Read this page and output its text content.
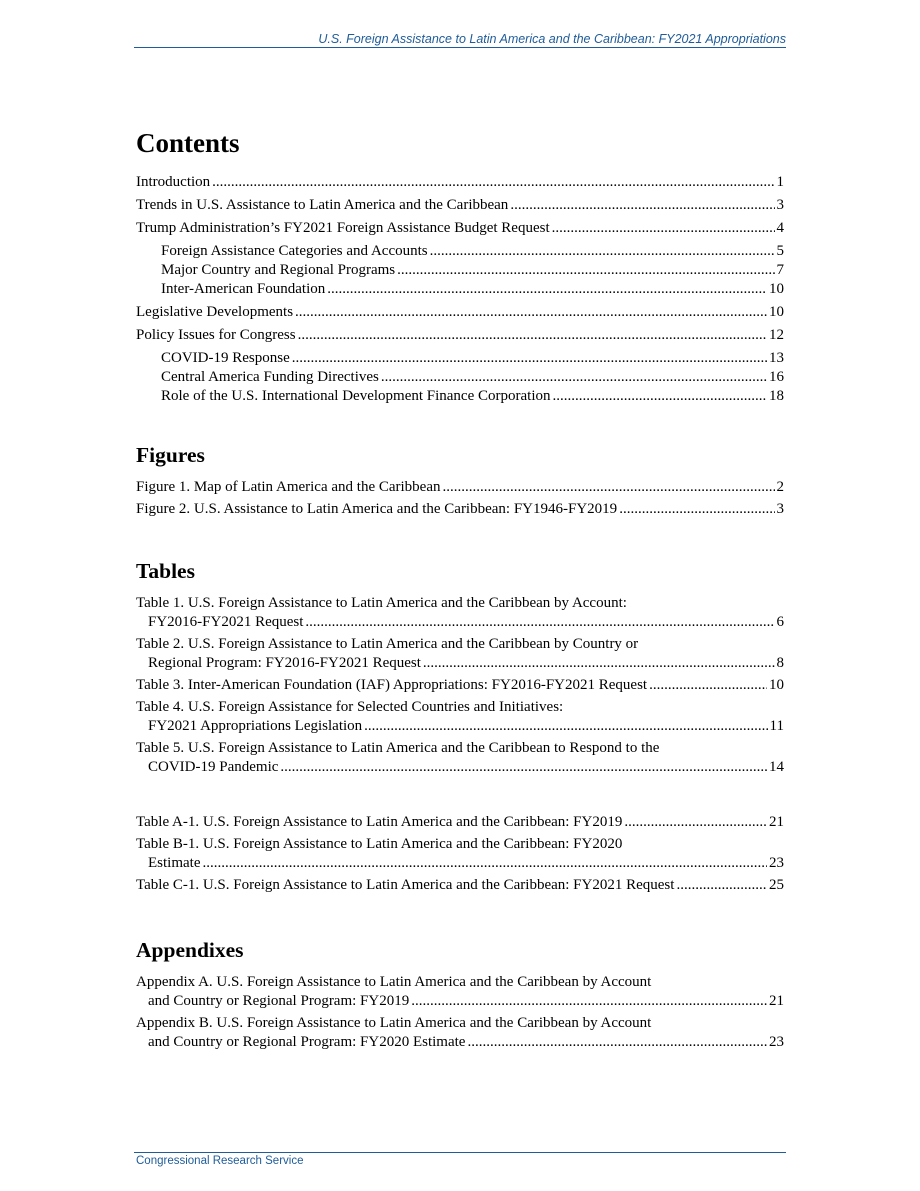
U.S. Foreign Assistance to Latin America and the Caribbean: FY2021 Appropriations
Contents
Introduction .....	1
Trends in U.S. Assistance to Latin America and the Caribbean .....	3
Trump Administration’s FY2021 Foreign Assistance Budget Request .....	4
Foreign Assistance Categories and Accounts .....	5
Major Country and Regional Programs .....	7
Inter-American Foundation .....	10
Legislative Developments .....	10
Policy Issues for Congress .....	12
COVID-19 Response .....	13
Central America Funding Directives .....	16
Role of the U.S. International Development Finance Corporation .....	18
Figures
Figure 1. Map of Latin America and the Caribbean .....	2
Figure 2. U.S. Assistance to Latin America and the Caribbean: FY1946-FY2019 .....	3
Tables
Table 1. U.S. Foreign Assistance to Latin America and the Caribbean by Account:
FY2016-FY2021 Request .....	6
Table 2. U.S. Foreign Assistance to Latin America and the Caribbean by Country or
Regional Program: FY2016-FY2021 Request .....	8
Table 3. Inter-American Foundation (IAF) Appropriations: FY2016-FY2021 Request .....	10
Table 4. U.S. Foreign Assistance for Selected Countries and Initiatives:
FY2021 Appropriations Legislation .....	11
Table 5. U.S. Foreign Assistance to Latin America and the Caribbean to Respond to the
COVID-19 Pandemic .....	14
Table A-1. U.S. Foreign Assistance to Latin America and the Caribbean: FY2019 .....	21
Table B-1. U.S. Foreign Assistance to Latin America and the Caribbean: FY2020
Estimate .....	23
Table C-1. U.S. Foreign Assistance to Latin America and the Caribbean: FY2021 Request .....	25
Appendixes
Appendix A. U.S. Foreign Assistance to Latin America and the Caribbean by Account
and Country or Regional Program: FY2019 .....	21
Appendix B. U.S. Foreign Assistance to Latin America and the Caribbean by Account
and Country or Regional Program: FY2020 Estimate .....	23
Congressional Research Service
